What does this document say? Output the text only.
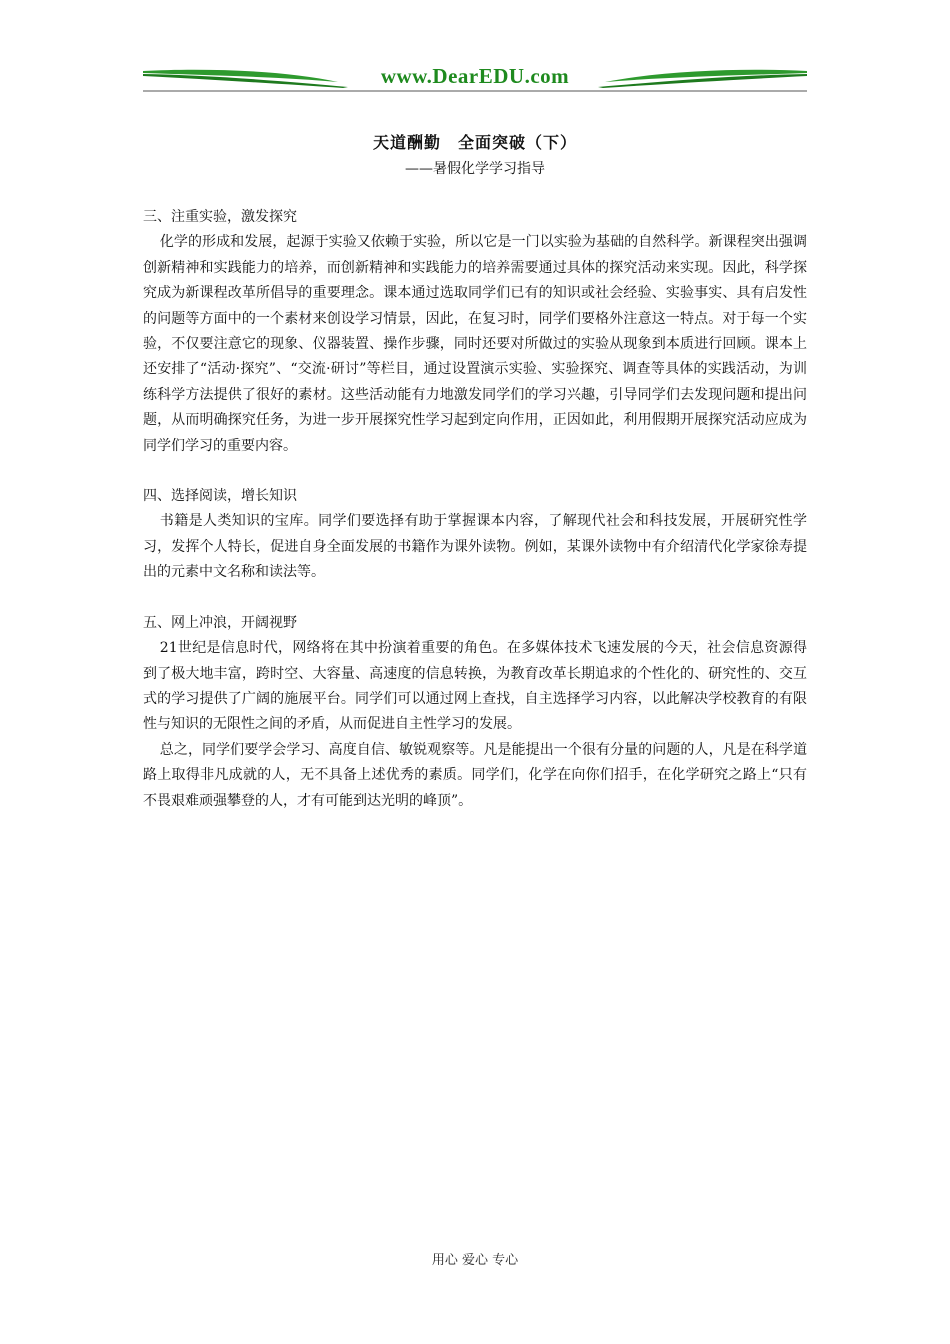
www.DearEDU.com
天道酬勤　全面突破（下）
——暑假化学学习指导
三、注重实验，激发探究

化学的形成和发展，起源于实验又依赖于实验，所以它是一门以实验为基础的自然科学。新课程突出强调创新精神和实践能力的培养，而创新精神和实践能力的培养需要通过具体的探究活动来实现。因此，科学探究成为新课程改革所倡导的重要理念。课本通过选取同学们已有的知识或社会经验、实验事实、具有启发性的问题等方面中的一个素材来创设学习情景，因此，在复习时，同学们要格外注意这一特点。对于每一个实验，不仅要注意它的现象、仪器装置、操作步骤，同时还要对所做过的实验从现象到本质进行回顾。课本上还安排了“活动·探究”、“交流·研讨”等栏目，通过设置演示实验、实验探究、调查等具体的实践活动，为训练科学方法提供了很好的素材。这些活动能有力地激发同学们的学习兴趣，引导同学们去发现问题和提出问题，从而明确探究任务，为进一步开展探究性学习起到定向作用，正因如此，利用假期开展探究活动应成为同学们学习的重要内容。

四、选择阅读，增长知识

书籍是人类知识的宝库。同学们要选择有助于掌握课本内容，了解现代社会和科技发展，开展研究性学习，发挥个人特长，促进自身全面发展的书籍作为课外读物。例如，某课外读物中有介绍清代化学家徐寿提出的元素中文名称和读法等。

五、网上冲浪，开阔视野

21世纪是信息时代，网络将在其中扮演着重要的角色。在多媒体技术飞速发展的今天，社会信息资源得到了极大地丰富，跨时空、大容量、高速度的信息转换，为教育改革长期追求的个性化的、研究性的、交互式的学习提供了广阔的施展平台。同学们可以通过网上查找，自主选择学习内容，以此解决学校教育的有限性与知识的无限性之间的矛盾，从而促进自主性学习的发展。

总之，同学们要学会学习、高度自信、敏锐观察等。凡是能提出一个很有分量的问题的人，凡是在科学道路上取得非凡成就的人，无不具备上述优秀的素质。同学们，化学在向你们招手，在化学研究之路上“只有不畏艰难顽强攀登的人，才有可能到达光明的峰顶”。

用心 爱心 专心
